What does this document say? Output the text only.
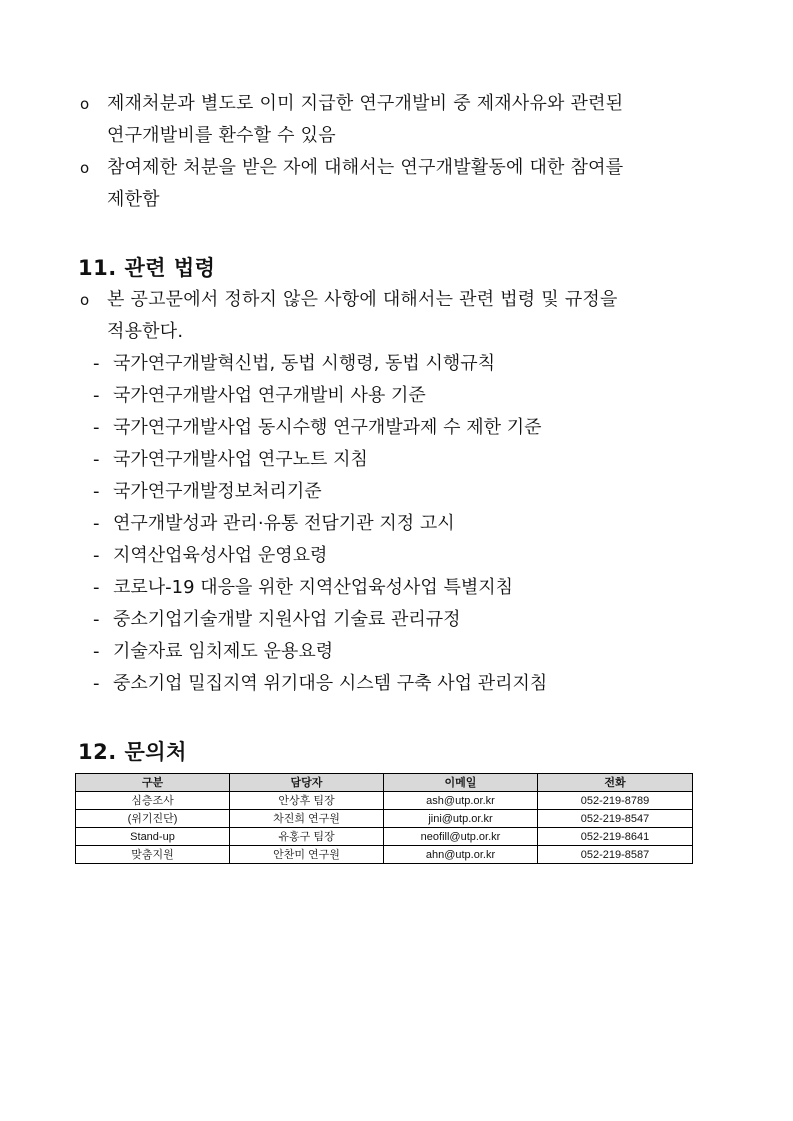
ο 제재처분과 별도로 이미 지급한 연구개발비 중 제재사유와 관련된
연구개발비를 환수할 수 있음
ο 참여제한 처분을 받은 자에 대해서는 연구개발활동에 대한 참여를
제한함
11. 관련 법령
ο 본 공고문에서 정하지 않은 사항에 대해서는 관련 법령 및 규정을
적용한다.
- 국가연구개발혁신법, 동법 시행령, 동법 시행규칙
- 국가연구개발사업 연구개발비 사용 기준
- 국가연구개발사업 동시수행 연구개발과제 수 제한 기준
- 국가연구개발사업 연구노트 지침
- 국가연구개발정보처리기준
- 연구개발성과 관리·유통 전담기관 지정 고시
- 지역산업육성사업 운영요령
- 코로나-19 대응을 위한 지역산업육성사업 특별지침
- 중소기업기술개발 지원사업 기술료 관리규정
- 기술자료 임치제도 운용요령
- 중소기업 밀집지역 위기대응 시스템 구축 사업 관리지침
12. 문의처
구분	담당자	이메일	전화
심층조사	안상후 팀장	ash@utp.or.kr	052-219-8789
(위기진단)	차진희 연구원	jini@utp.or.kr	052-219-8547
Stand-up	유홍구 팀장	neofill@utp.or.kr	052-219-8641
맞춤지원	안찬미 연구원	ahn@utp.or.kr	052-219-8587
